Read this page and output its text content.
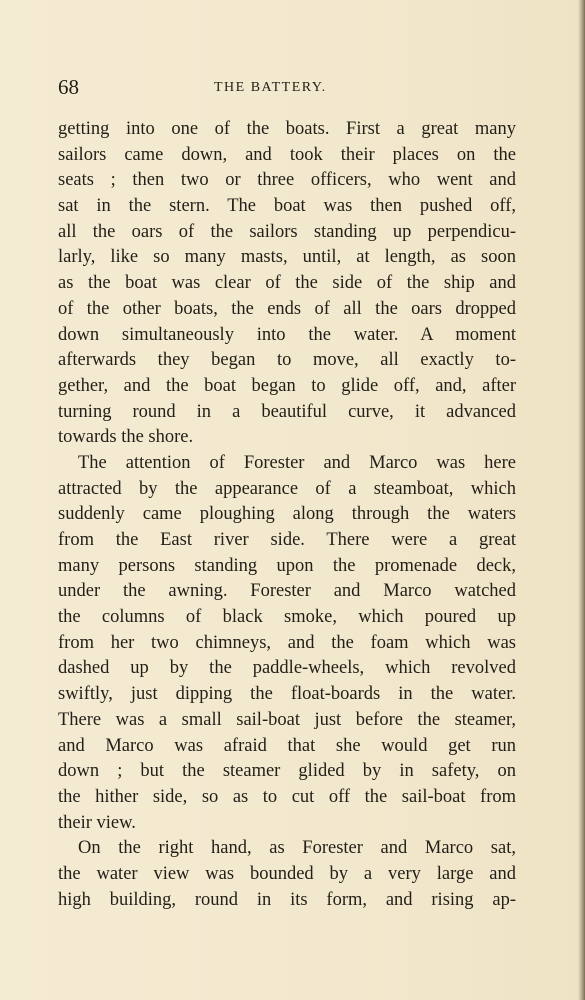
68	THE BATTERY.
getting into one of the boats. First a great many
sailors came down, and took their places on the
seats ; then two or three officers, who went and
sat in the stern. The boat was then pushed off,
all the oars of the sailors standing up perpendicu-
larly, like so many masts, until, at length, as soon
as the boat was clear of the side of the ship and
of the other boats, the ends of all the oars dropped
down simultaneously into the water. A moment
afterwards they began to move, all exactly to-
gether, and the boat began to glide off, and, after
turning round in a beautiful curve, it advanced
towards the shore.
The attention of Forester and Marco was here
attracted by the appearance of a steamboat, which
suddenly came ploughing along through the waters
from the East river side. There were a great
many persons standing upon the promenade deck,
under the awning. Forester and Marco watched
the columns of black smoke, which poured up
from her two chimneys, and the foam which was
dashed up by the paddle-wheels, which revolved
swiftly, just dipping the float-boards in the water.
There was a small sail-boat just before the steamer,
and Marco was afraid that she would get run
down ; but the steamer glided by in safety, on
the hither side, so as to cut off the sail-boat from
their view.
On the right hand, as Forester and Marco sat,
the water view was bounded by a very large and
high building, round in its form, and rising ap-
